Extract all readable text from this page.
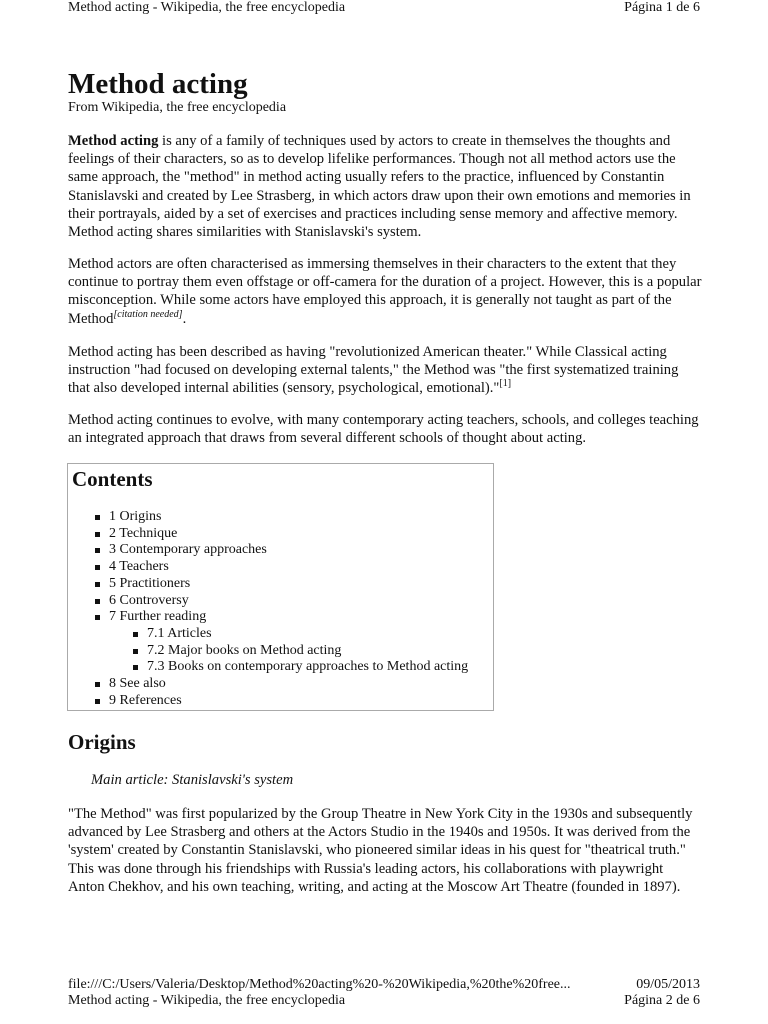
Method acting - Wikipedia, the free encyclopedia	Página 1 de 6
Method acting
From Wikipedia, the free encyclopedia

Method acting is any of a family of techniques used by actors to create in themselves the thoughts and feelings of their characters, so as to develop lifelike performances. Though not all method actors use the same approach, the "method" in method acting usually refers to the practice, influenced by Constantin Stanislavski and created by Lee Strasberg, in which actors draw upon their own emotions and memories in their portrayals, aided by a set of exercises and practices including sense memory and affective memory. Method acting shares similarities with Stanislavski's system.

Method actors are often characterised as immersing themselves in their characters to the extent that they continue to portray them even offstage or off-camera for the duration of a project. However, this is a popular misconception. While some actors have employed this approach, it is generally not taught as part of the Method[citation needed].

Method acting has been described as having "revolutionized American theater." While Classical acting instruction "had focused on developing external talents," the Method was "the first systematized training that also developed internal abilities (sensory, psychological, emotional)."[1]

Method acting continues to evolve, with many contemporary acting teachers, schools, and colleges teaching an integrated approach that draws from several different schools of thought about acting.

Contents
1 Origins
2 Technique
3 Contemporary approaches
4 Teachers
5 Practitioners
6 Controversy
7 Further reading
7.1 Articles
7.2 Major books on Method acting
7.3 Books on contemporary approaches to Method acting
8 See also
9 References
Origins
Main article: Stanislavski's system

"The Method" was first popularized by the Group Theatre in New York City in the 1930s and subsequently advanced by Lee Strasberg and others at the Actors Studio in the 1940s and 1950s. It was derived from the 'system' created by Constantin Stanislavski, who pioneered similar ideas in his quest for "theatrical truth." This was done through his friendships with Russia's leading actors, his collaborations with playwright Anton Chekhov, and his own teaching, writing, and acting at the Moscow Art Theatre (founded in 1897).

file:///C:/Users/Valeria/Desktop/Method%20acting%20-%20Wikipedia,%20the%20free...	09/05/2013
Method acting - Wikipedia, the free encyclopedia	Página 2 de 6
